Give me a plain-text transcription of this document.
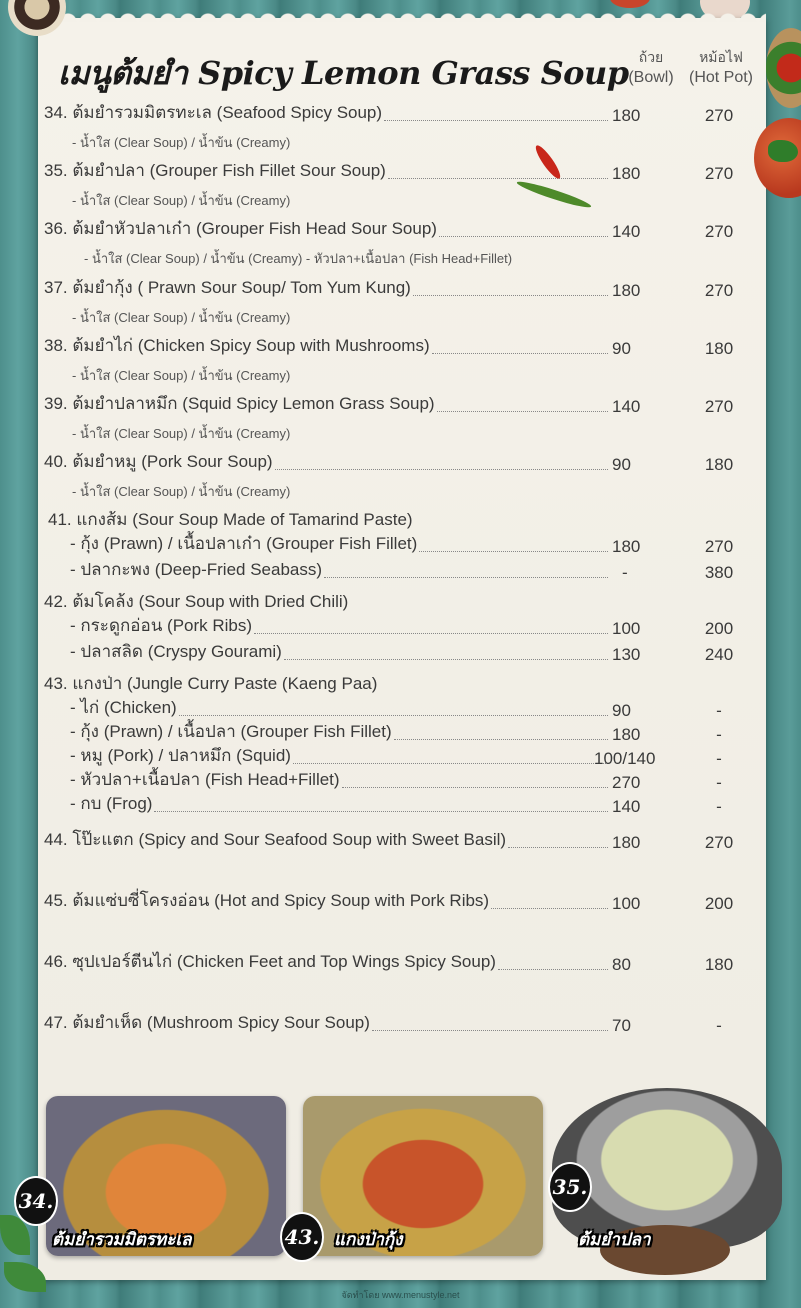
เมนูต้มยำ Spicy Lemon Grass Soup ถ้วย
(Bowl)
หม้อไฟ
(Hot Pot)
34. ต้มยำรวมมิตรทะเล (Seafood Spicy Soup)	180	270
- น้ำใส (Clear Soup) / น้ำข้น (Creamy)
35. ต้มยำปลา (Grouper Fish Fillet Sour Soup)	180	270
- น้ำใส (Clear Soup) / น้ำข้น (Creamy)
36. ต้มยำหัวปลาเก๋า (Grouper Fish Head Sour Soup)	140	270
- น้ำใส (Clear Soup) / น้ำข้น (Creamy) - หัวปลา+เนื้อปลา (Fish Head+Fillet)
37. ต้มยำกุ้ง ( Prawn Sour Soup/ Tom Yum Kung)	180	270
- น้ำใส (Clear Soup) / น้ำข้น (Creamy)
38. ต้มยำไก่ (Chicken Spicy Soup with Mushrooms)	90	180
- น้ำใส (Clear Soup) / น้ำข้น (Creamy)
39. ต้มยำปลาหมึก (Squid Spicy Lemon Grass Soup)	140	270
- น้ำใส (Clear Soup) / น้ำข้น (Creamy)
40. ต้มยำหมู (Pork Sour Soup)	90	180
- น้ำใส (Clear Soup) / น้ำข้น (Creamy)
41. แกงส้ม (Sour Soup Made of Tamarind Paste)
- กุ้ง (Prawn) / เนื้อปลาเก๋า (Grouper Fish Fillet)	180	270
- ปลากะพง (Deep-Fried Seabass)	-	380
42. ต้มโคล้ง (Sour Soup with Dried Chili)
- กระดูกอ่อน (Pork Ribs)	100	200
- ปลาสลิด (Cryspy Gourami)	130	240
43. แกงป่า (Jungle Curry Paste (Kaeng Paa)
- ไก่ (Chicken)	90	-
- กุ้ง (Prawn) / เนื้อปลา (Grouper Fish Fillet)	180	-
- หมู (Pork) / ปลาหมึก (Squid)	100/140	-
- หัวปลา+เนื้อปลา (Fish Head+Fillet)	270	-
- กบ (Frog)	140	-
44. โป๊ะแตก (Spicy and Sour Seafood Soup with Sweet Basil)	180	270
45. ต้มแซ่บซี่โครงอ่อน (Hot and Spicy Soup with Pork Ribs)	100	200
46. ซุปเปอร์ตีนไก่ (Chicken Feet and Top Wings Spicy Soup)	80	180
47. ต้มยำเห็ด (Mushroom Spicy Sour Soup)	70	-
34.
ต้มยำรวมมิตรทะเล	43. แกงป่ากุ้ง
35.
ต้มยำปลา
จัดทำโดย www.menustyle.net
